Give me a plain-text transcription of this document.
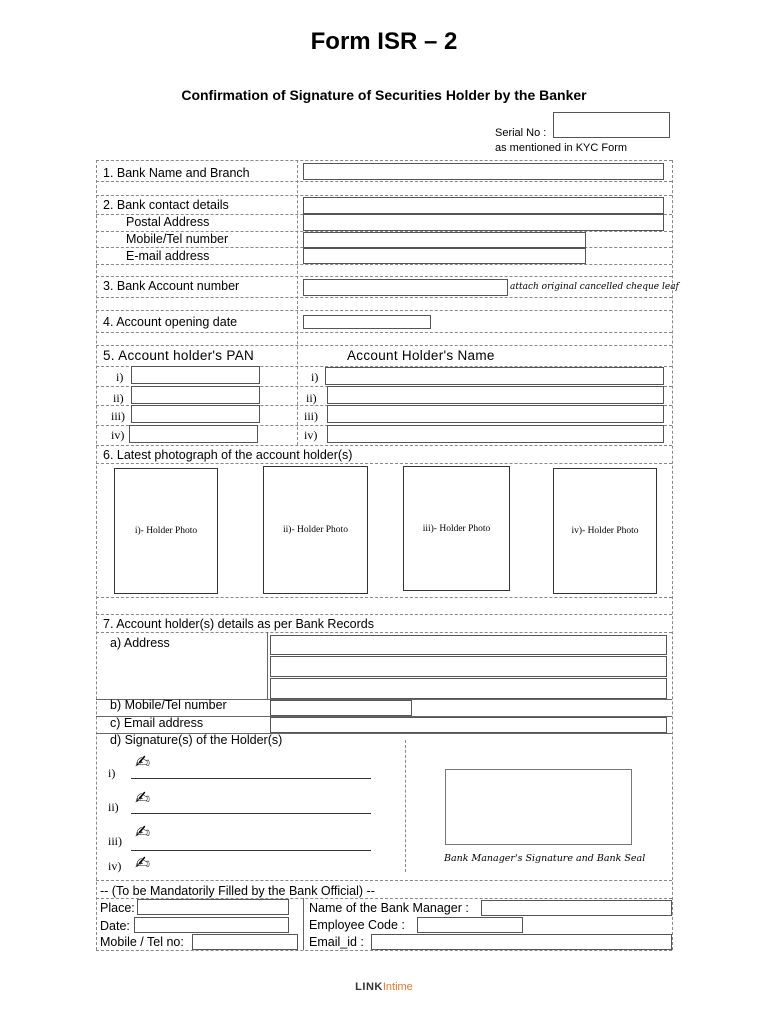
Form ISR – 2
Confirmation of Signature of Securities Holder by the Banker
Serial No :
as mentioned in KYC Form
1. Bank Name and Branch
2. Bank contact details
Postal Address
Mobile/Tel number
E-mail address
3. Bank Account number	attach original cancelled cheque leaf
4. Account opening date
5. Account holder's PAN	Account Holder's Name
i)	i)
ii)	ii)
iii)	iii)
iv)	iv)
6. Latest photograph of the account holder(s)
i)- Holder Photo	ii)- Holder Photo	iii)- Holder Photo	iv)- Holder Photo
7. Account holder(s) details as per Bank Records
a) Address
b) Mobile/Tel number
c) Email address
d) Signature(s) of the Holder(s)
i) ✍
ii) ✍
iii) ✍
iv) ✍	Bank Manager's Signature and Bank Seal
-- (To be Mandatorily Filled by the Bank Official) --
Place:
Date:
Mobile / Tel no:
Name of the Bank Manager :
Employee Code :
Email_id :
LINKIntime
